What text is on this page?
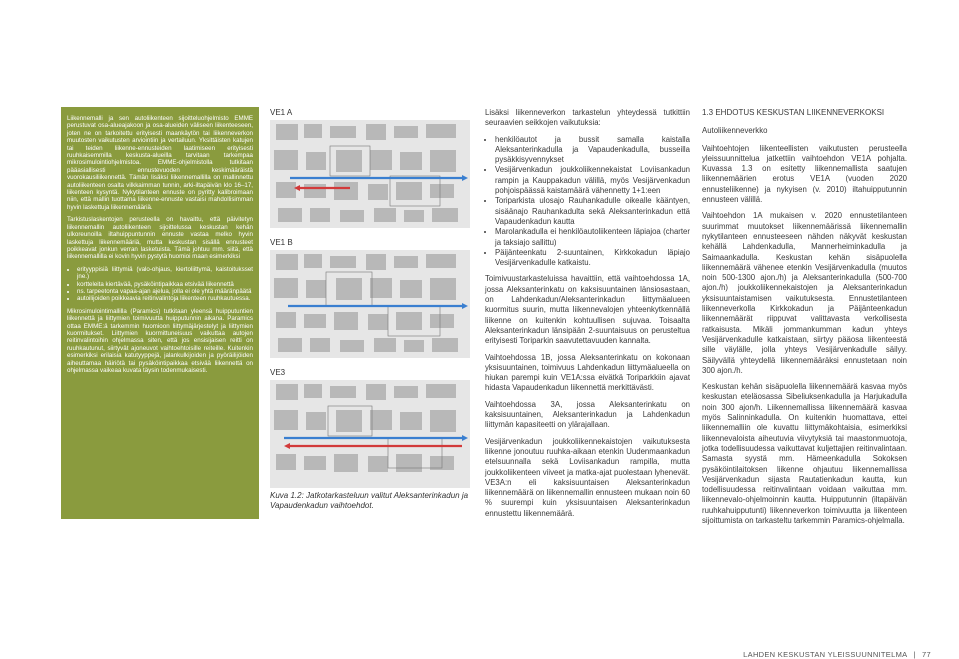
Liikennemalli ja sen autoliikenteen sijoitteluohjelmisto EMME perustuvat osa-alueajakoon ja osa-alueiden väliseen liikenteeseen, joten ne on tarkoitettu erityisesti maankäytön tai liikenneverkon muutosten vaikutusten arviointiin ja vertailuun. Yksittäisten katujen tai teiden liikenne-ennusteiden laatimiseen erityisesti ruuhkaisemmilla keskusta-alueilla tarvitaan tarkempaa mikrosimulointiohjelmistoa. EMME-ohjelmistolla tutkitaan pääasiallisesti ennustevuoden keskimääräistä vuorokausiliikennettä. Tämän lisäksi liikennemallilla on mallinnettu autoliikenteen osalta vilkkaimman tunnin, arki-iltapäivän klo 16–17, liikenteen kysyntä. Nykytilanteen ennuste on pyritty kalibroimaan niin, että mallin tuottama liikenne-ennuste vastaisi mahdollisimman hyvin laskettuja liikennemääriä.

Tarkistuslaskentojen perusteella on havaittu, että päivitetyn liikennemallin autoliikenteen sijoittelussa keskustan kehän ulkoreunoilla iltahuippuntunnin ennuste vastaa melko hyvin laskettuja liikennemääriä, mutta keskustan sisällä ennusteet poikkeavat jonkun verran lasketuista. Tämä johtuu mm. siitä, että liikennemallilla ei kovin hyvin pystytä huomioi maan esimerkiksi

• erityyppisiä liittymiä (valo-ohjaus, kiertoliittymä, kaistoituksset jne.)
• kortteleita kiertävää, pysäköintipaikkaa etsivää liikennettä
• ns. tarpeetonta vapaa-ajan ajelua, jolla ei ole yhtä määränpäätä
• autoilijoiden poikkeavia reitinvalintoja liikenteen ruuhkautuessa.

Mikrosimulointimallilla (Paramics) tutkitaan yleensä huipputuntien liikennettä ja liittymien toimivuutta huipputunnin aikana. Paramics ottaa EMME:ä tarkemmin huomioon liittymäjärjestelyt ja liittymien kuormitukset. Liittymien kuormittuneisuus vaikuttaa autojen reitinvalintoihin ohjelmassa siten, että jos ensisijaisen reitti on ruuhkautunut, siirtyvät ajoneuvot vaihtoehtoisille reiteille. Kuitenkin esimerkiksi erilaisia katutyyppejä, jalankulkijoiden ja pyöräilijöiden aiheuttamaa häiriötä tai pysäköintipaikkaa etsivää liikennettä on ohjelmassa vaikeaa kuvata täysin todenmukaisesti.

VE1 A
VE1 B
VE3
Kuva 1.2: Jatkotarkasteluun valitut Aleksanterinkadun ja Vapaudenkadun vaihtoehdot.

Lisäksi liikenneverkon tarkastelun yhteydessä tutkittiin seuraavien seikkojen vaikutuksia:

• henkilöautot ja bussit samalla kaistalla Aleksanterinkadulla ja Vapaudenkadulla, busseilla pysäkkisyvennykset
• Vesijärvenkadun joukkoliikennekaistat Loviisankadun rampin ja Kauppakadun välillä, myös Vesijärvenkadun pohjoispäässä kaistamäärä vähennetty 1+1:een
• Toriparkista ulosajo Rauhankadulle oikealle kääntyen, sisäänajo Rauhankadulta sekä Aleksanterinkadun että Vapaudenkadun kautta
• Marolankadulla ei henkilöautoliikenteen läpiajoa (charter ja taksiajo sallittu)
• Päijänteenkatu 2-suuntainen, Kirkkokadun läpiajo Vesijärvenkadulle katkaistu.

Toimivuustarkasteluissa havaittiin, että vaihtoehdossa 1A, jossa Aleksanterinkatu on kaksisuuntainen länsiosastaan, on Lahdenkadun/Aleksanterinkadun liittymäalueen kuormitus suurin, mutta liikennevalojen yhteenkytkennällä liikenne on kuitenkin kohtuullisen sujuvaa. Toisaalta Aleksanterinkadun länsipään 2-suuntaisuus on perusteltua erityisesti Toriparkin saavutettavuuden kannalta.

Vaihtoehdossa 1B, jossa Aleksanterinkatu on kokonaan yksisuuntainen, toimivuus Lahdenkadun liittymäalueella on hiukan parempi kuin VE1A:ssa eivätkä Toriparkkiin ajavat hidasta Vapaudenkadun liikennettä merkittävästi.

Vaihtoehdossa 3A, jossa Aleksanterinkatu on kaksisuuntainen, Aleksanterinkadun ja Lahdenkadun liittymän kapasiteetti on ylärajallaan.

Vesijärvenkadun joukkoliikennekaistojen vaikutuksesta liikenne jonoutuu ruuhka-aikaan etenkin Uudenmaankadun etelsuunnalla sekä Loviisankadun rampilla, mutta joukkoliikenteen viiveet ja matka-ajat puolestaan lyhenevät. VE3A:n eli kaksisuuntaisen Aleksanterinkadun liikennemäärä on liikennemallin ennusteen mukaan noin 60 % suurempi kuin yksisuuntaisen Aleksanterinkadun ennustettu liikennemäärä.

1.3 EHDOTUS KESKUSTAN LIIKENNEVERKOKSI

Autoliikenneverkko

Vaihtoehtojen liikenteellisten vaikutusten perusteella yleissuunnittelua jatkettiin vaihtoehdon VE1A pohjalta. Kuvassa 1.3 on esitetty liikennemallista saatujen liikennemäärien erotus VE1A (vuoden 2020 ennusteliikenne) ja nykyisen (v. 2010) iltahuipputunnin ennusteen välillä.

Vaihtoehdon 1A mukaisen v. 2020 ennustetilanteen suurimmat muutokset liikennemäärissä liikennemallin nykytilanteen ennusteeseen nähden näkyvät keskustan kehällä Lahdenkadulla, Mannerheiminkadulla ja Saimaankadulla. Keskustan kehän sisäpuolella liikennemäärä vähenee etenkin Vesijärvenkadulla (muutos noin 500-1300 ajon./h) ja Aleksanterinkadulla (500-700 ajon./h) joukkoliikennekaistojen ja Aleksanterinkadun yksisuuntaistamisen vaikutuksesta. Ennustetilanteen liikenneverkolla Kirkkokadun ja Päijänteenkadun liikennemäärät riippuvat valittavasta verkollisesta ratkaisusta. Mikäli jommankumman kadun yhteys Vesijärvenkadulle katkaistaan, siirtyy pääosa liikenteestä sille väylälle, jolla yhteys Vesijärvenkadulle säilyy. Säilyvällä yhteydellä liikennemääräksi ennustetaan noin 300 ajon./h.

Keskustan kehän sisäpuolella liikennemäärä kasvaa myös keskustan eteläosassa Sibeliuksenkadulla ja Harjukadulla noin 300 ajon/h. Liikennemallissa liikennemäärä kasvaa myös Salinninkadulla. On kuitenkin huomattava, ettei liikennemalliin ole kuvattu liittymäkohtaisia, esimerkiksi liikennevaloista aiheutuvia viivytyksiä tai maastonmuotoja, jotka todellisuudessa vaikuttavat kuljettajien reitinvalintaan. Samasta syystä mm. Hämeenkadulla Sokoksen pysäköintilaitoksen liikenne ohjautuu liikennemallissa Vesijärvenkadun sijasta Rautatienkadun kautta, kun todellisuudessa reitinvalintaan voidaan vaikuttaa mm. liikennevalo-ohjelmoinnin kautta. Huipputunnin (iltapäivän ruuhkahuipputunti) liikenneverkon toimivuutta ja liikenteen sijoittumista on tarkasteltu tarkemmin Paramics-ohjelmalla.

LAHDEN KESKUSTAN YLEISSUUNNITELMA | 77
